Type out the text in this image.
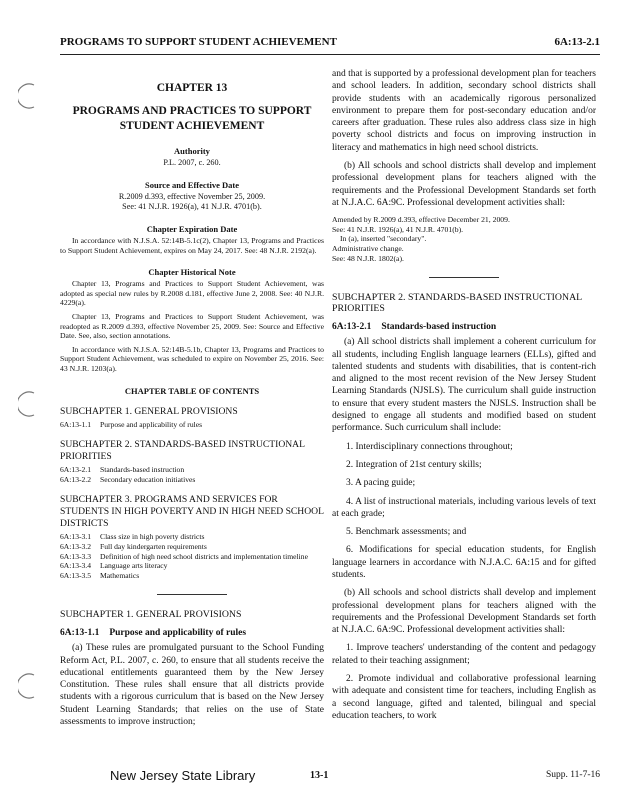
PROGRAMS TO SUPPORT STUDENT ACHIEVEMENT	6A:13-2.1
CHAPTER 13
PROGRAMS AND PRACTICES TO SUPPORT STUDENT ACHIEVEMENT
Authority
P.L. 2007, c. 260.
Source and Effective Date
R.2009 d.393, effective November 25, 2009.
See: 41 N.J.R. 1926(a), 41 N.J.R. 4701(b).
Chapter Expiration Date

In accordance with N.J.S.A. 52:14B-5.1c(2), Chapter 13, Programs and Practices to Support Student Achievement, expires on May 24, 2017. See: 48 N.J.R. 2192(a).

Chapter Historical Note

Chapter 13, Programs and Practices to Support Student Achievement, was adopted as special new rules by R.2008 d.181, effective June 2, 2008. See: 40 N.J.R. 4229(a).

Chapter 13, Programs and Practices to Support Student Achievement, was readopted as R.2009 d.393, effective November 25, 2009. See: Source and Effective Date. See, also, section annotations.

In accordance with N.J.S.A. 52:14B-5.1b, Chapter 13, Programs and Practices to Support Student Achievement, was scheduled to expire on November 25, 2016. See: 43 N.J.R. 1203(a).

CHAPTER TABLE OF CONTENTS
SUBCHAPTER 1. GENERAL PROVISIONS
6A:13-1.1	Purpose and applicability of rules
SUBCHAPTER 2. STANDARDS-BASED INSTRUCTIONAL PRIORITIES
6A:13-2.1	Standards-based instruction
6A:13-2.2	Secondary education initiatives
SUBCHAPTER 3. PROGRAMS AND SERVICES FOR STUDENTS IN HIGH POVERTY AND IN HIGH NEED SCHOOL DISTRICTS
6A:13-3.1	Class size in high poverty districts
6A:13-3.2	Full day kindergarten requirements
6A:13-3.3	Definition of high need school districts and implementation timeline
6A:13-3.4	Language arts literacy
6A:13-3.5	Mathematics
SUBCHAPTER 1. GENERAL PROVISIONS
6A:13-1.1 Purpose and applicability of rules

(a) These rules are promulgated pursuant to the School Funding Reform Act, P.L. 2007, c. 260, to ensure that all students receive the educational entitlements guaranteed them by the New Jersey Constitution. These rules shall ensure that all districts provide students with a rigorous curriculum that is based on the New Jersey Student Learning Standards; that relies on the use of State assessments to improve instruction;

and that is supported by a professional development plan for teachers and school leaders. In addition, secondary school districts shall provide students with an academically rigorous personalized environment to prepare them for post-secondary education and/or careers after graduation. These rules also address class size in high poverty school districts and focus on improving instruction in literacy and mathematics in high need school districts.

(b) All schools and school districts shall develop and implement professional development plans for teachers aligned with the requirements and the Professional Development Standards set forth at N.J.A.C. 6A:9C. Professional development activities shall:

Amended by R.2009 d.393, effective December 21, 2009.
See: 41 N.J.R. 1926(a), 41 N.J.R. 4701(b).
In (a), inserted "secondary".
Administrative change.
See: 48 N.J.R. 1802(a).
SUBCHAPTER 2. STANDARDS-BASED INSTRUCTIONAL PRIORITIES
6A:13-2.1 Standards-based instruction

(a) All school districts shall implement a coherent curriculum for all students, including English language learners (ELLs), gifted and talented students and students with disabilities, that is content-rich and aligned to the most recent revision of the New Jersey Student Learning Standards (NJSLS). The curriculum shall guide instruction to ensure that every student masters the NJSLS. Instruction shall be designed to engage all students and modified based on student performance. Such curriculum shall include:

1. Interdisciplinary connections throughout;

2. Integration of 21st century skills;

3. A pacing guide;

4. A list of instructional materials, including various levels of text at each grade;

5. Benchmark assessments; and

6. Modifications for special education students, for English language learners in accordance with N.J.A.C. 6A:15 and for gifted students.

(b) All schools and school districts shall develop and implement professional development plans for teachers aligned with the requirements and the Professional Development Standards set forth at N.J.A.C. 6A:9C. Professional development activities shall:

1. Improve teachers' understanding of the content and pedagogy related to their teaching assignment;

2. Promote individual and collaborative professional learning with adequate and consistent time for teachers, including English as a second language, gifted and talented, bilingual and special education teachers, to work

New Jersey State Library	13-1	Supp. 11-7-16
